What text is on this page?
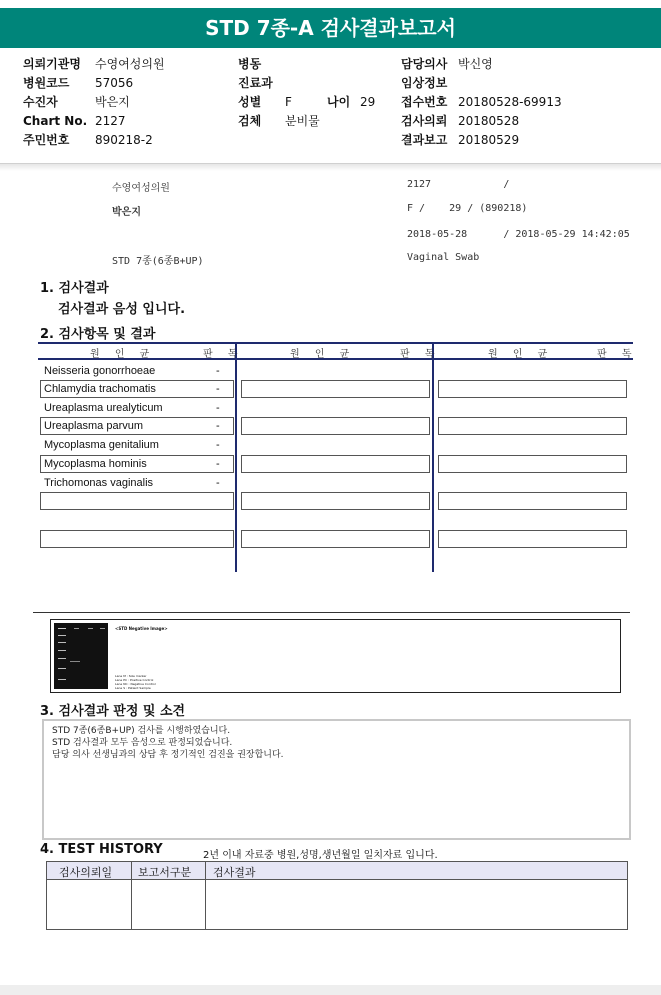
STD 7종-A 검사결과보고서
의뢰기관명 수영여성의원
병원코드 57056
수진자	박은지
Chart No. 2127
주민번호 890218-2
병동
진료과
성별 F	나이 29
검체 분비물
담당의사 박신영
임상정보
접수번호 20180528-69913
검사의뢰 20180528
결과보고 20180529
수영여성의원	2127            /
박은지	F /    29 / (890218)
2018-05-28      / 2018-05-29 14:42:05
STD 7종(6종B+UP)	Vaginal Swab
1. 검사결과
검사결과 음성 입니다.
2. 검사항목 및 결과
원 인 균	판 독	원 인 균	판 독	원 인 균	판 독
Neisseria gonorrhoeae	-
Chlamydia trachomatis	-
Ureaplasma urealyticum	-
Ureaplasma parvum	-
Mycoplasma genitalium	-
Mycoplasma hominis	-
Trichomonas vaginalis	-
<STD Negative Image>
Lane M : Size marker
Lane PC : Positive Control
Lane NC : Negative Control
Lane S : Patient Sample
3. 검사결과 판정 및 소견
STD 7종(6종B+UP) 검사를 시행하였습니다.
STD 검사결과 모두 음성으로 판정되었습니다.
담당 의사 선생님과의 상담 후 정기적인 검진을 권장합니다.
4. TEST HISTORY	2년 이내 자료중 병원,성명,생년월일 일치자료 입니다.
검사의뢰일 보고서구분 검사결과
